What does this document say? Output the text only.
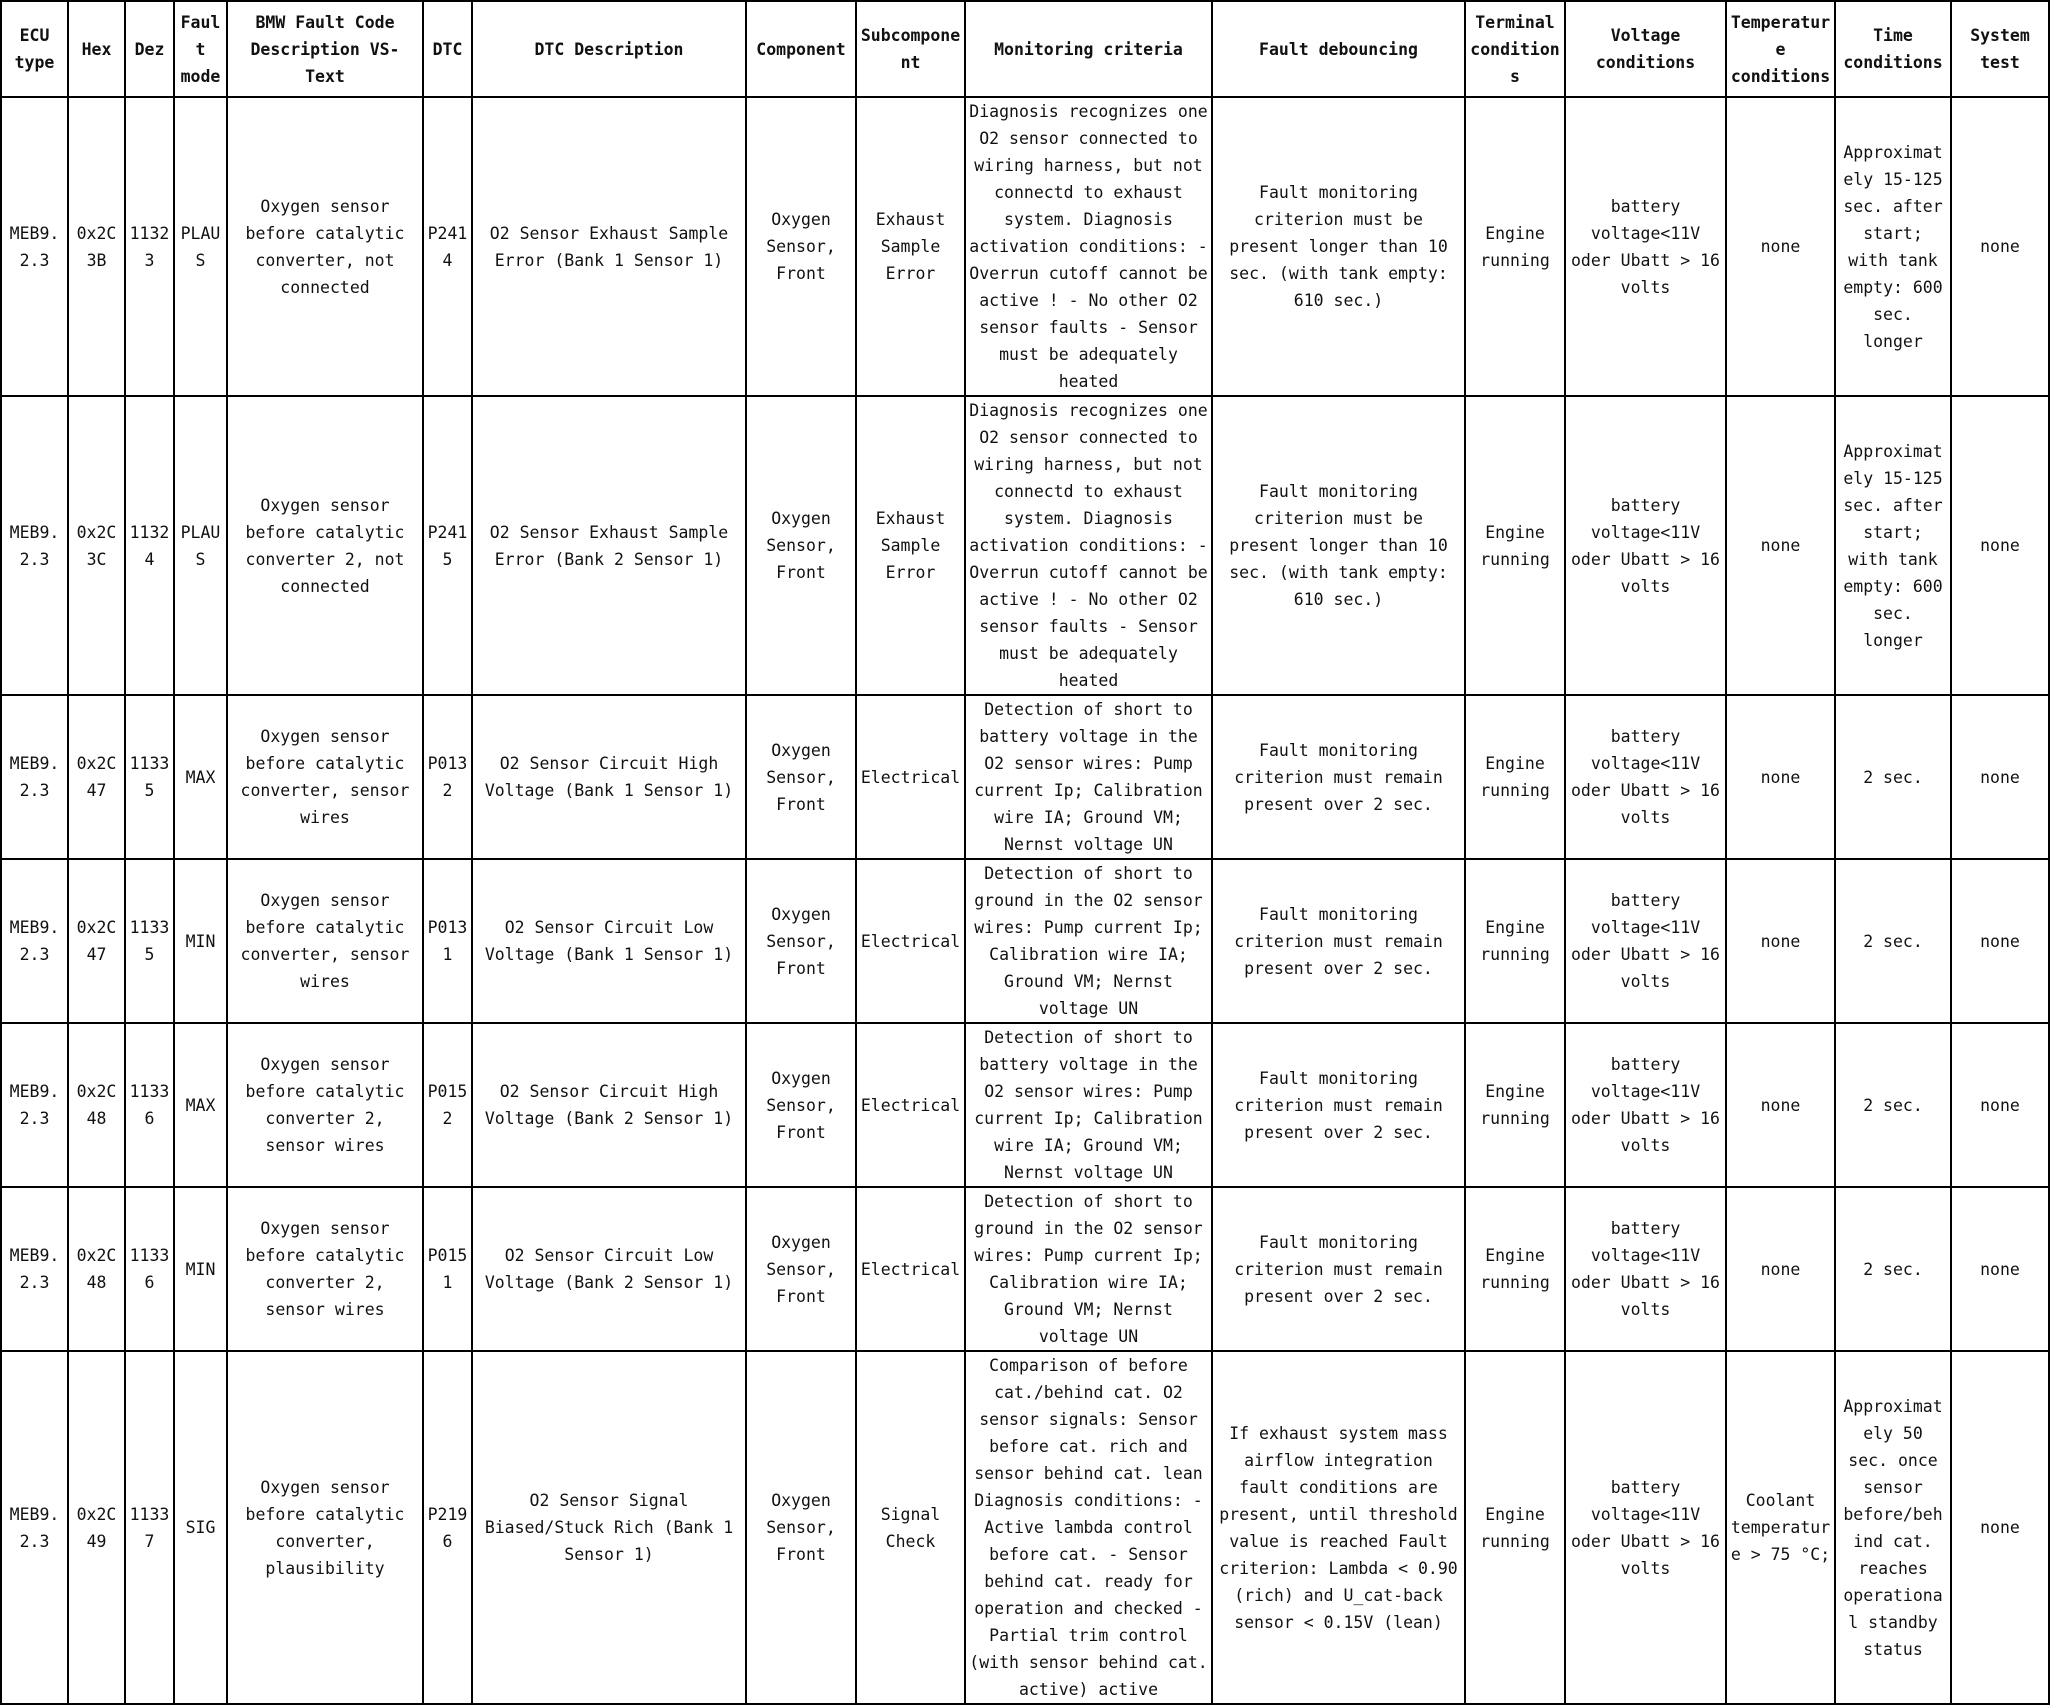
ECU type	Hex	Dez	Fault mode	BMW Fault Code Description VS-Text	DTC	DTC Description	Component	Subcomponent	Monitoring criteria	Fault debouncing	Terminal conditions	Voltage conditions	Temperature conditions	Time conditions	System test
MEB9.2.3	0x2C3B	11323	PLAUS	Oxygen sensor before catalytic converter, not connected	P2414	O2 Sensor Exhaust Sample Error (Bank 1 Sensor 1)	Oxygen Sensor, Front	Exhaust Sample Error	Diagnosis recognizes one O2 sensor connected to wiring harness, but not connectd to exhaust system. Diagnosis activation conditions: - Overrun cutoff cannot be active ! - No other O2 sensor faults - Sensor must be adequately heated	Fault monitoring criterion must be present longer than 10 sec. (with tank empty: 610 sec.)	Engine running	battery voltage<11V oder Ubatt > 16 volts	none	Approximately 15-125 sec. after start; with tank empty: 600 sec. longer	none
MEB9.2.3	0x2C3C	11324	PLAUS	Oxygen sensor before catalytic converter 2, not connected	P2415	O2 Sensor Exhaust Sample Error (Bank 2 Sensor 1)	Oxygen Sensor, Front	Exhaust Sample Error	Diagnosis recognizes one O2 sensor connected to wiring harness, but not connectd to exhaust system. Diagnosis activation conditions: - Overrun cutoff cannot be active ! - No other O2 sensor faults - Sensor must be adequately heated	Fault monitoring criterion must be present longer than 10 sec. (with tank empty: 610 sec.)	Engine running	battery voltage<11V oder Ubatt > 16 volts	none	Approximately 15-125 sec. after start; with tank empty: 600 sec. longer	none
MEB9.2.3	0x2C47	11335	MAX	Oxygen sensor before catalytic converter, sensor wires	P0132	O2 Sensor Circuit High Voltage (Bank 1 Sensor 1)	Oxygen Sensor, Front	Electrical	Detection of short to battery voltage in the O2 sensor wires: Pump current Ip; Calibration wire IA; Ground VM; Nernst voltage UN	Fault monitoring criterion must remain present over 2 sec.	Engine running	battery voltage<11V oder Ubatt > 16 volts	none	2 sec.	none
MEB9.2.3	0x2C47	11335	MIN	Oxygen sensor before catalytic converter, sensor wires	P0131	O2 Sensor Circuit Low Voltage (Bank 1 Sensor 1)	Oxygen Sensor, Front	Electrical	Detection of short to ground in the O2 sensor wires: Pump current Ip; Calibration wire IA; Ground VM; Nernst voltage UN	Fault monitoring criterion must remain present over 2 sec.	Engine running	battery voltage<11V oder Ubatt > 16 volts	none	2 sec.	none
MEB9.2.3	0x2C48	11336	MAX	Oxygen sensor before catalytic converter 2, sensor wires	P0152	O2 Sensor Circuit High Voltage (Bank 2 Sensor 1)	Oxygen Sensor, Front	Electrical	Detection of short to battery voltage in the O2 sensor wires: Pump current Ip; Calibration wire IA; Ground VM; Nernst voltage UN	Fault monitoring criterion must remain present over 2 sec.	Engine running	battery voltage<11V oder Ubatt > 16 volts	none	2 sec.	none
MEB9.2.3	0x2C48	11336	MIN	Oxygen sensor before catalytic converter 2, sensor wires	P0151	O2 Sensor Circuit Low Voltage (Bank 2 Sensor 1)	Oxygen Sensor, Front	Electrical	Detection of short to ground in the O2 sensor wires: Pump current Ip; Calibration wire IA; Ground VM; Nernst voltage UN	Fault monitoring criterion must remain present over 2 sec.	Engine running	battery voltage<11V oder Ubatt > 16 volts	none	2 sec.	none
MEB9.2.3	0x2C49	11337	SIG	Oxygen sensor before catalytic converter, plausibility	P2196	O2 Sensor Signal Biased/Stuck Rich (Bank 1 Sensor 1)	Oxygen Sensor, Front	Signal Check	Comparison of before cat./behind cat. O2 sensor signals: Sensor before cat. rich and sensor behind cat. lean Diagnosis conditions: - Active lambda control before cat. - Sensor behind cat. ready for operation and checked - Partial trim control (with sensor behind cat. active) active	If exhaust system mass airflow integration fault conditions are present, until threshold value is reached Fault criterion: Lambda < 0.90 (rich) and U_cat-back sensor < 0.15V (lean)	Engine running	battery voltage<11V oder Ubatt > 16 volts	Coolant temperature > 75 °C;	Approximately 50 sec. once sensor before/behind cat. reaches operational standby status	none
